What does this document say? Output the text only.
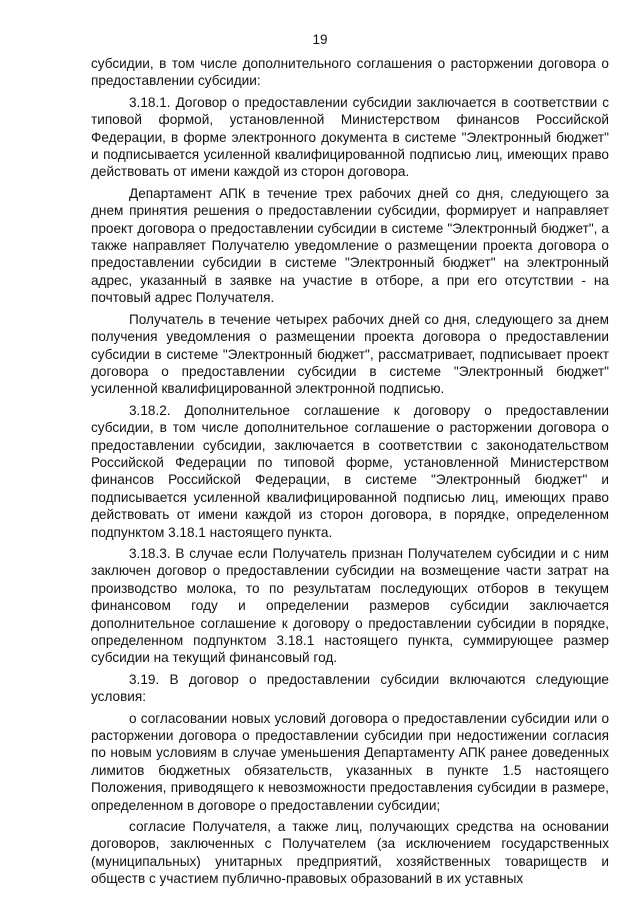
19

субсидии, в том числе дополнительного соглашения о расторжении договора о предоставлении субсидии:

3.18.1. Договор о предоставлении субсидии заключается в соответствии с типовой формой, установленной Министерством финансов Российской Федерации, в форме электронного документа в системе "Электронный бюджет" и подписывается усиленной квалифицированной подписью лиц, имеющих право действовать от имени каждой из сторон договора.

Департамент АПК в течение трех рабочих дней со дня, следующего за днем принятия решения о предоставлении субсидии, формирует и направляет проект договора о предоставлении субсидии в системе "Электронный бюджет", а также направляет Получателю уведомление о размещении проекта договора о предоставлении субсидии в системе "Электронный бюджет" на электронный адрес, указанный в заявке на участие в отборе, а при его отсутствии - на почтовый адрес Получателя.

Получатель в течение четырех рабочих дней со дня, следующего за днем получения уведомления о размещении проекта договора о предоставлении субсидии в системе "Электронный бюджет", рассматривает, подписывает проект договора о предоставлении субсидии в системе "Электронный бюджет" усиленной квалифицированной электронной подписью.

3.18.2. Дополнительное соглашение к договору о предоставлении субсидии, в том числе дополнительное соглашение о расторжении договора о предоставлении субсидии, заключается в соответствии с законодательством Российской Федерации по типовой форме, установленной Министерством финансов Российской Федерации, в системе "Электронный бюджет" и подписывается усиленной квалифицированной подписью лиц, имеющих право действовать от имени каждой из сторон договора, в порядке, определенном подпунктом 3.18.1 настоящего пункта.

3.18.3. В случае если Получатель признан Получателем субсидии и с ним заключен договор о предоставлении субсидии на возмещение части затрат на производство молока, то по результатам последующих отборов в текущем финансовом году и определении размеров субсидии заключается дополнительное соглашение к договору о предоставлении субсидии в порядке, определенном подпунктом 3.18.1 настоящего пункта, суммирующее размер субсидии на текущий финансовый год.

3.19. В договор о предоставлении субсидии включаются следующие условия:

о согласовании новых условий договора о предоставлении субсидии или о расторжении договора о предоставлении субсидии при недостижении согласия по новым условиям в случае уменьшения Департаменту АПК ранее доведенных лимитов бюджетных обязательств, указанных в пункте 1.5 настоящего Положения, приводящего к невозможности предоставления субсидии в размере, определенном в договоре о предоставлении субсидии;

согласие Получателя, а также лиц, получающих средства на основании договоров, заключенных с Получателем (за исключением государственных (муниципальных) унитарных предприятий, хозяйственных товариществ и обществ с участием публично-правовых образований в их уставных
